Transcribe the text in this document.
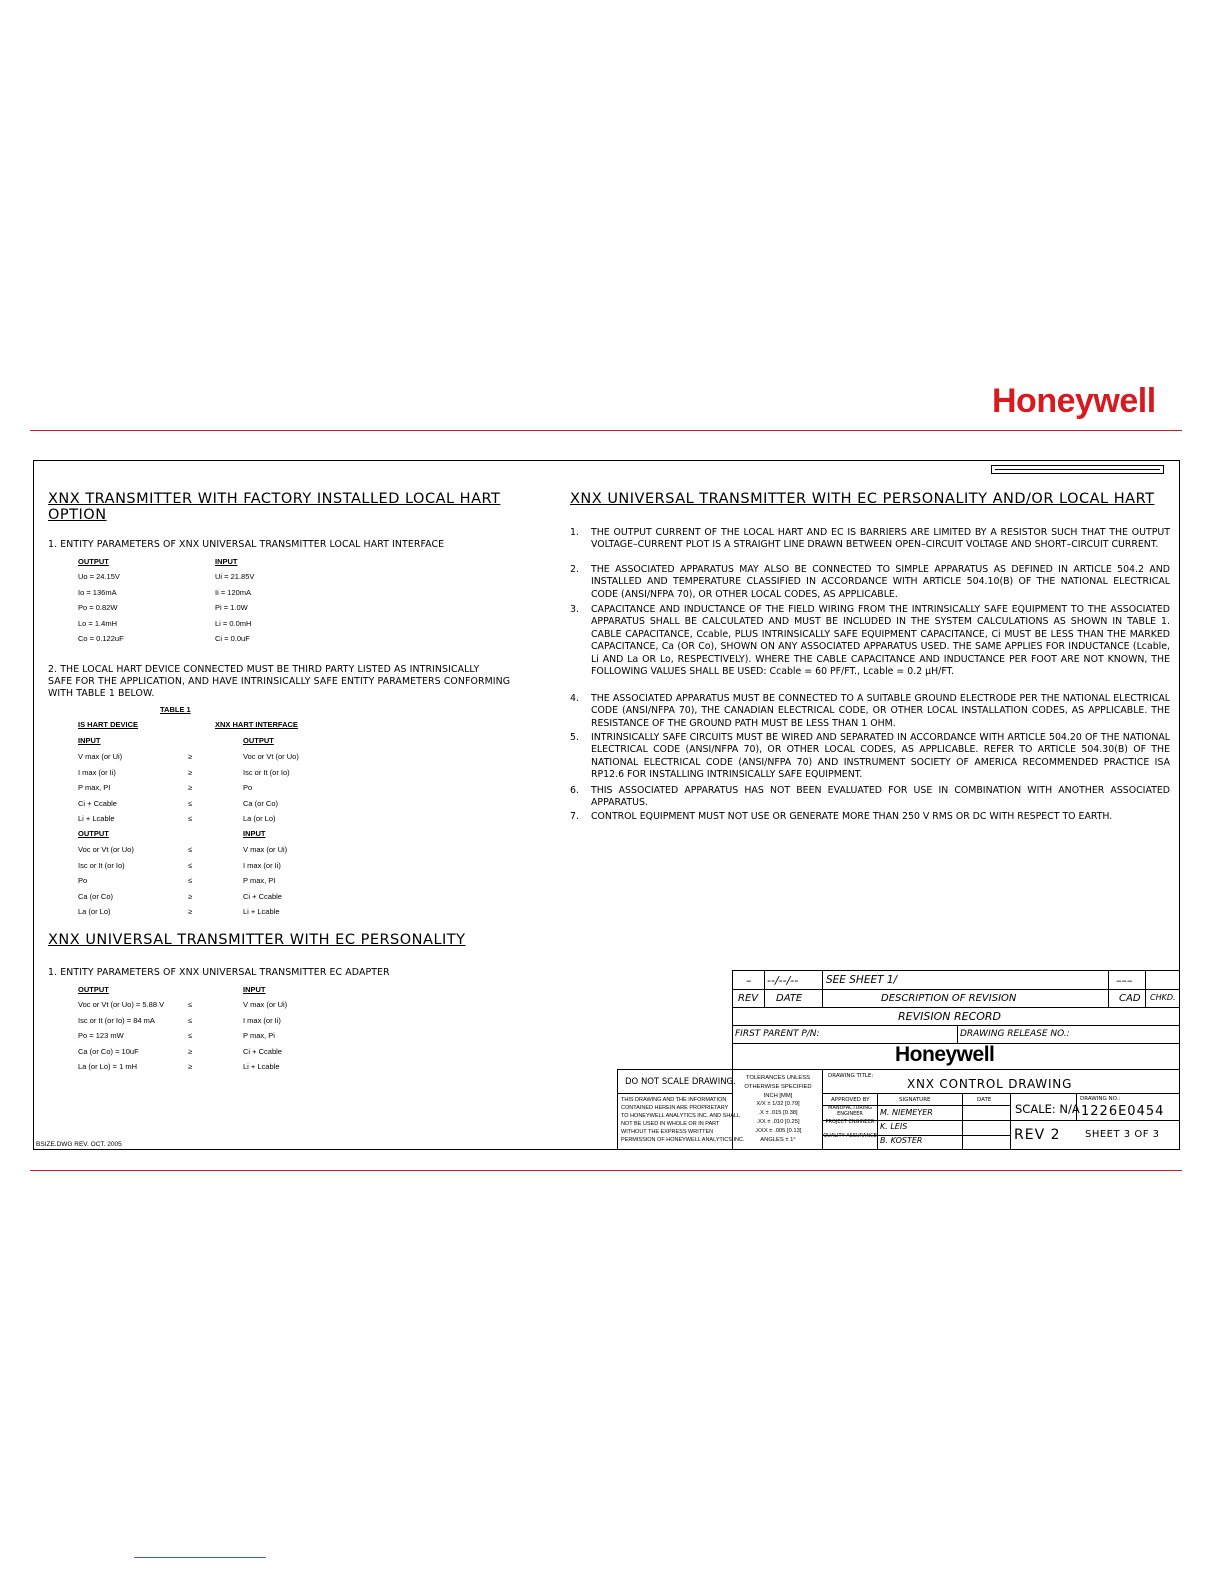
Honeywell
XNX TRANSMITTER WITH FACTORY INSTALLED LOCAL HART
OPTION
1. ENTITY PARAMETERS OF XNX UNIVERSAL TRANSMITTER LOCAL HART INTERFACE
OUTPUT	INPUT
Uo = 24.15V	Ui = 21.85V
Io = 136mA	Ii = 120mA
Po = 0.82W	Pi = 1.0W
Lo = 1.4mH	Li = 0.0mH
Co = 0.122uF	Ci = 0.0uF
2. THE LOCAL HART DEVICE CONNECTED MUST BE THIRD PARTY LISTED AS INTRINSICALLY
SAFE FOR THE APPLICATION, AND HAVE INTRINSICALLY SAFE ENTITY PARAMETERS CONFORMING
WITH TABLE 1 BELOW.
TABLE 1
IS HART DEVICE	XNX HART INTERFACE
INPUT	OUTPUT
V max (or Ui)	≥	Voc or Vt (or Uo)
I max (or Ii)	≥	Isc or It (or Io)
P max, PI	≥	Po
Ci + Ccable	≤	Ca (or Co)
Li + Lcable	≤	La (or Lo)
OUTPUT	INPUT
Voc or Vt (or Uo)	≤	V max (or Ui)
Isc or It (or Io)	≤	I max (or Ii)
Po	≤	P max, PI
Ca (or Co)	≥	Ci + Ccable
La (or Lo)	≥	Li + Lcable
XNX UNIVERSAL TRANSMITTER WITH EC PERSONALITY
1. ENTITY PARAMETERS OF XNX UNIVERSAL TRANSMITTER EC ADAPTER
OUTPUT	INPUT
Voc or Vt (or Uo) = 5.88 V	≤	V max (or Ui)
Isc or It (or Io) = 84 mA	≤	I max (or Ii)
Po = 123 mW	≤	P max, Pi
Ca (or Co) = 10uF	≥	Ci + Ccable
La (or Lo) = 1 mH	≥	Li + Lcable
BSIZE.DWG REV. OCT. 2005
XNX UNIVERSAL TRANSMITTER WITH EC PERSONALITY AND/OR LOCAL HART
1. THE OUTPUT CURRENT OF THE LOCAL HART AND EC IS BARRIERS ARE LIMITED BY A RESISTOR SUCH THAT THE OUTPUT VOLTAGE–CURRENT PLOT IS A STRAIGHT LINE DRAWN BETWEEN OPEN–CIRCUIT VOLTAGE AND SHORT–CIRCUIT CURRENT.
2. THE ASSOCIATED APPARATUS MAY ALSO BE CONNECTED TO SIMPLE APPARATUS AS DEFINED IN ARTICLE 504.2 AND INSTALLED AND TEMPERATURE CLASSIFIED IN ACCORDANCE WITH ARTICLE 504.10(B) OF THE NATIONAL ELECTRICAL CODE (ANSI/NFPA 70), OR OTHER LOCAL CODES, AS APPLICABLE.
3. CAPACITANCE AND INDUCTANCE OF THE FIELD WIRING FROM THE INTRINSICALLY SAFE EQUIPMENT TO THE ASSOCIATED APPARATUS SHALL BE CALCULATED AND MUST BE INCLUDED IN THE SYSTEM CALCULATIONS AS SHOWN IN TABLE 1. CABLE CAPACITANCE, Ccable, PLUS INTRINSICALLY SAFE EQUIPMENT CAPACITANCE, Ci MUST BE LESS THAN THE MARKED CAPACITANCE, Ca (OR Co), SHOWN ON ANY ASSOCIATED APPARATUS USED. THE SAME APPLIES FOR INDUCTANCE (Lcable, Li AND La OR Lo, RESPECTIVELY). WHERE THE CABLE CAPACITANCE AND INDUCTANCE PER FOOT ARE NOT KNOWN, THE FOLLOWING VALUES SHALL BE USED: Ccable = 60 PF/FT., Lcable = 0.2 μH/FT.
4. THE ASSOCIATED APPARATUS MUST BE CONNECTED TO A SUITABLE GROUND ELECTRODE PER THE NATIONAL ELECTRICAL CODE (ANSI/NFPA 70), THE CANADIAN ELECTRICAL CODE, OR OTHER LOCAL INSTALLATION CODES, AS APPLICABLE. THE RESISTANCE OF THE GROUND PATH MUST BE LESS THAN 1 OHM.
5. INTRINSICALLY SAFE CIRCUITS MUST BE WIRED AND SEPARATED IN ACCORDANCE WITH ARTICLE 504.20 OF THE NATIONAL ELECTRICAL CODE (ANSI/NFPA 70), OR OTHER LOCAL CODES, AS APPLICABLE. REFER TO ARTICLE 504.30(B) OF THE NATIONAL ELECTRICAL CODE (ANSI/NFPA 70) AND INSTRUMENT SOCIETY OF AMERICA RECOMMENDED PRACTICE ISA RP12.6 FOR INSTALLING INTRINSICALLY SAFE EQUIPMENT.
6. THIS ASSOCIATED APPARATUS HAS NOT BEEN EVALUATED FOR USE IN COMBINATION WITH ANOTHER ASSOCIATED APPARATUS.
7. CONTROL EQUIPMENT MUST NOT USE OR GENERATE MORE THAN 250 V RMS OR DC WITH RESPECT TO EARTH.
– --/--/--	SEE SHEET 1/	–––
REV DATE	DESCRIPTION OF REVISION	CAD CHKD.
REVISION RECORD
FIRST PARENT P/N:	DRAWING RELEASE NO.:
Honeywell
DO NOT SCALE DRAWING.
THIS DRAWING AND THE INFORMATION
CONTAINED HEREIN ARE PROPRIETARY
TO HONEYWELL ANALYTICS INC. AND SHALL
NOT BE USED IN WHOLE OR IN PART
WITHOUT THE EXPRESS WRITTEN
PERMISSION OF HONEYWELL ANALYTICS INC.
TOLERANCES UNLESS
OTHERWISE SPECIFIED
INCH [MM]
X/X ± 1/32 [0.79]
.X ± .015 [0.38]
.XX ± .010 [0.25]
.XXX ± .005 [0.13]
ANGLES ± 1°
DRAWING TITLE:
XNX CONTROL DRAWING
APPROVED BY	SIGNATURE	DATE
MANUFACTURING ENGINEER	M. NIEMEYER
PROJECT ENGINEER K. LEIS
QUALITY ASSURANCE B. KOSTER
SCALE: N/A
DRAWING NO.:
1226E0454
REV 2 SHEET 3 OF 3
